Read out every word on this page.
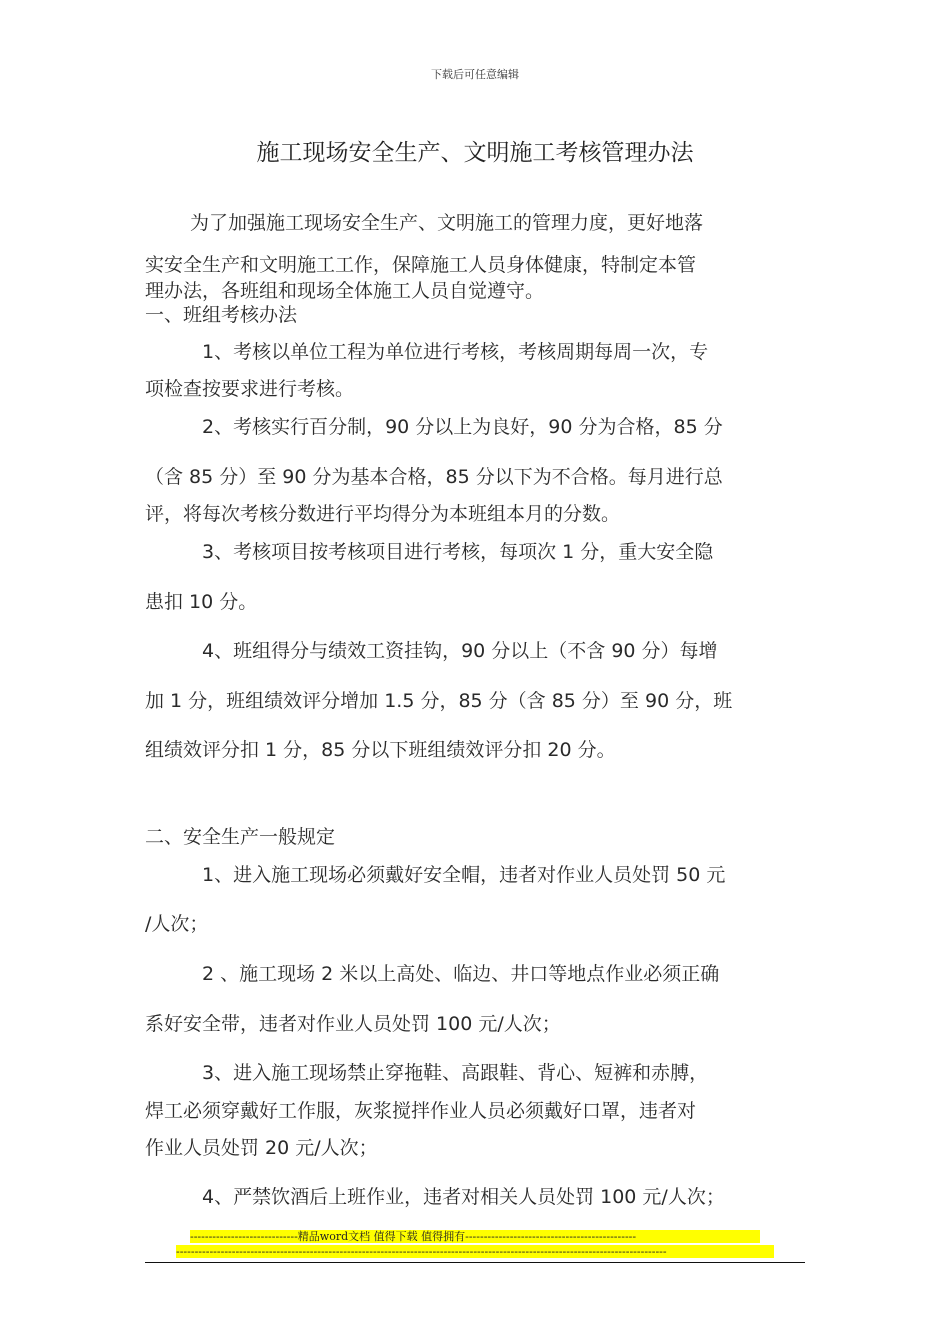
下载后可任意编辑
施工现场安全生产、文明施工考核管理办法
为了加强施工现场安全生产、文明施工的管理力度，更好地落
实安全生产和文明施工工作，保障施工人员身体健康，特制定本管
理办法，各班组和现场全体施工人员自觉遵守。
一、班组考核办法
1、考核以单位工程为单位进行考核，考核周期每周一次，专
项检查按要求进行考核。
2、考核实行百分制，90 分以上为良好，90 分为合格，85 分
（含 85 分）至 90 分为基本合格，85 分以下为不合格。每月进行总
评，将每次考核分数进行平均得分为本班组本月的分数。
3、考核项目按考核项目进行考核，每项次 1 分，重大安全隐
患扣 10 分。
4、班组得分与绩效工资挂钩，90 分以上（不含 90 分）每增
加 1 分，班组绩效评分增加 1.5 分，85 分（含 85 分）至 90 分，班
组绩效评分扣 1 分，85 分以下班组绩效评分扣 20 分。
二、安全生产一般规定
1、进入施工现场必须戴好安全帽，违者对作业人员处罚 50 元
/人次；
2 、施工现场 2 米以上高处、临边、井口等地点作业必须正确
系好安全带，违者对作业人员处罚 100 元/人次；
3、进入施工现场禁止穿拖鞋、高跟鞋、背心、短裤和赤膊，
焊工必须穿戴好工作服，灰浆搅拌作业人员必须戴好口罩，违者对
作业人员处罚 20 元/人次；
4、严禁饮酒后上班作业，违者对相关人员处罚 100 元/人次；
-----------------------------精品word文档 值得下载 值得拥有----------------------------------------------
------------------------------------------------------------------------------------------------------------------------------------
